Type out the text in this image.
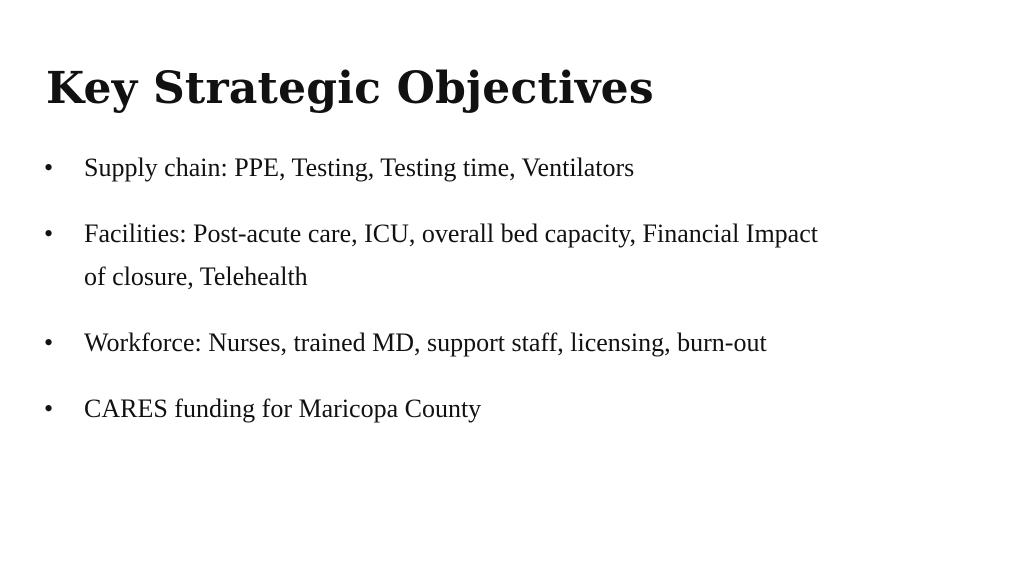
Key Strategic Objectives
•	Supply chain: PPE, Testing, Testing time, Ventilators
•	Facilities: Post-acute care, ICU, overall bed capacity, Financial Impact of closure, Telehealth
•	Workforce: Nurses, trained MD, support staff, licensing, burn-out
•	CARES funding for Maricopa County
